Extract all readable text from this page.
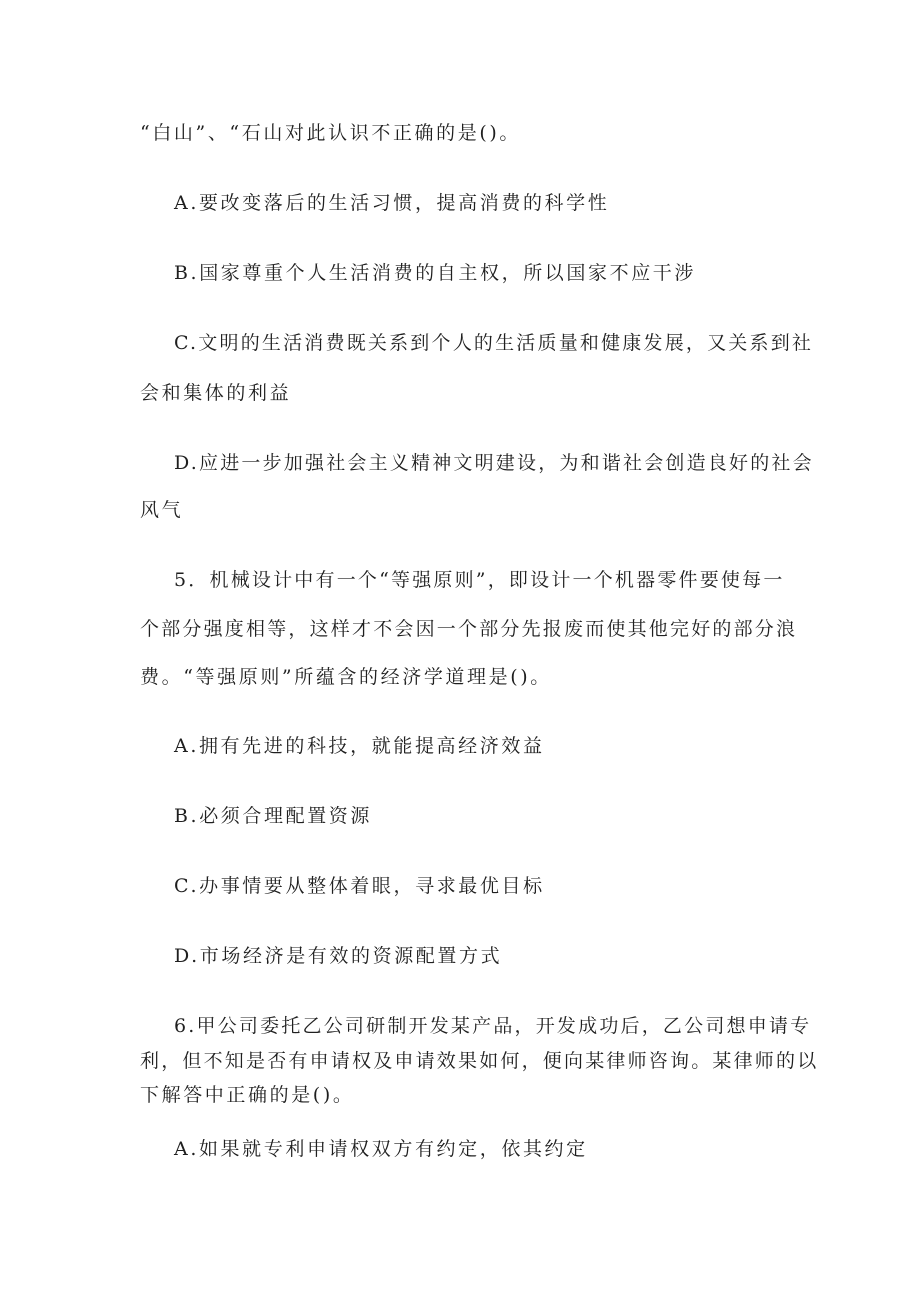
“白山”、“石山对此认识不正确的是()。

A.要改变落后的生活习惯，提高消费的科学性

B.国家尊重个人生活消费的自主权，所以国家不应干涉

C.文明的生活消费既关系到个人的生活质量和健康发展，又关系到社

会和集体的利益

D.应进一步加强社会主义精神文明建设，为和谐社会创造良好的社会

风气

5．机械设计中有一个“等强原则”，即设计一个机器零件要使每一

个部分强度相等，这样才不会因一个部分先报废而使其他完好的部分浪

费。“等强原则”所蕴含的经济学道理是()。

A.拥有先进的科技，就能提高经济效益

B.必须合理配置资源

C.办事情要从整体着眼，寻求最优目标

D.市场经济是有效的资源配置方式

6.甲公司委托乙公司研制开发某产品，开发成功后，乙公司想申请专

利，但不知是否有申请权及申请效果如何，便向某律师咨询。某律师的以

下解答中正确的是()。

A.如果就专利申请权双方有约定，依其约定
